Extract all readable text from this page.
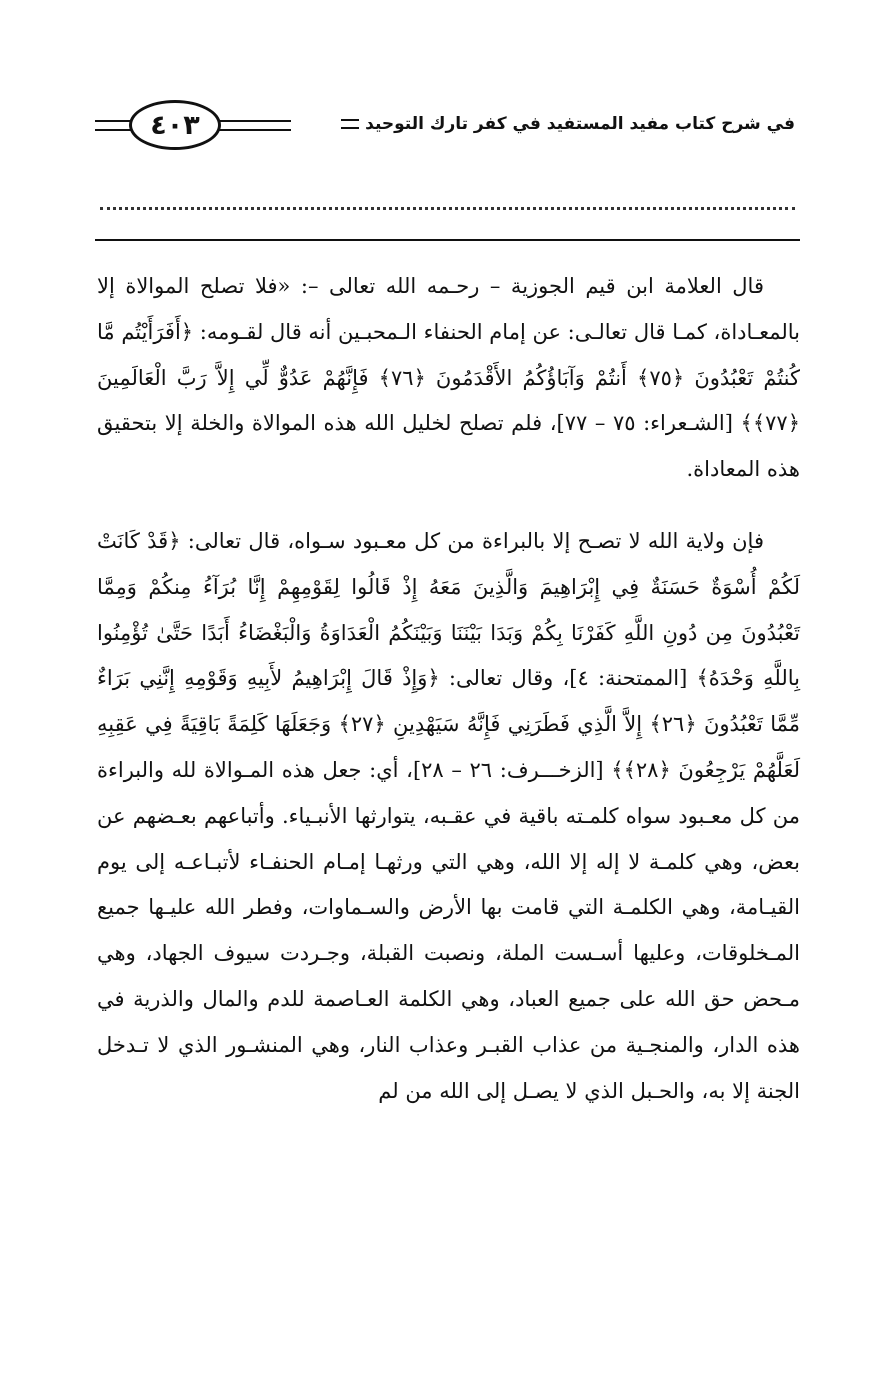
في شرح كتاب مفيد المستفيد في كفر تارك التوحيد
٤٠٣

قال العلامة ابن قيم الجوزية – رحـمه الله تعالى –: «فلا تصلح الموالاة إلا بالمعـاداة، كمـا قال تعالـى: عن إمام الحنفاء الـمحبـين أنه قال لقـومه: ﴿أَفَرَأَيْتُم مَّا كُنتُمْ تَعْبُدُونَ ﴿٧٥﴾ أَنتُمْ وَآبَاؤُكُمُ الأَقْدَمُونَ ﴿٧٦﴾ فَإِنَّهُمْ عَدُوٌّ لِّي إِلاَّ رَبَّ الْعَالَمِينَ ﴿٧٧﴾﴾ [الشـعراء: ٧٥ – ٧٧]، فلم تصلح لخليل الله هذه الموالاة والخلة إلا بتحقيق هذه المعاداة.

فإن ولاية الله لا تصـح إلا بالبراءة من كل معـبود سـواه، قال تعالى: ﴿قَدْ كَانَتْ لَكُمْ أُسْوَةٌ حَسَنَةٌ فِي إِبْرَاهِيمَ وَالَّذِينَ مَعَهُ إِذْ قَالُوا لِقَوْمِهِمْ إِنَّا بُرَآءُ مِنكُمْ وَمِمَّا تَعْبُدُونَ مِن دُونِ اللَّهِ كَفَرْنَا بِكُمْ وَبَدَا بَيْنَنَا وَبَيْنَكُمُ الْعَدَاوَةُ وَالْبَغْضَاءُ أَبَدًا حَتَّىٰ تُؤْمِنُوا بِاللَّهِ وَحْدَهُ﴾ [الممتحنة: ٤]، وقال تعالى: ﴿وَإِذْ قَالَ إِبْرَاهِيمُ لأَبِيهِ وَقَوْمِهِ إِنَّنِي بَرَاءٌ مِّمَّا تَعْبُدُونَ ﴿٢٦﴾ إِلاَّ الَّذِي فَطَرَنِي فَإِنَّهُ سَيَهْدِينِ ﴿٢٧﴾ وَجَعَلَهَا كَلِمَةً بَاقِيَةً فِي عَقِبِهِ لَعَلَّهُمْ يَرْجِعُونَ ﴿٢٨﴾﴾ [الزخـــرف: ٢٦ – ٢٨]، أي: جعل هذه المـوالاة لله والبراءة من كل معـبود سواه كلمـته باقية في عقـبه، يتوارثها الأنبـياء. وأتباعهم بعـضهم عن بعض، وهي كلمـة لا إله إلا الله، وهي التي ورثهـا إمـام الحنفـاء لأتبـاعـه إلى يوم القيـامة، وهي الكلمـة التي قامت بها الأرض والسـماوات، وفطر الله عليـها جميع المـخلوقات، وعليها أسـست الملة، ونصبت القبلة، وجـردت سيوف الجهاد، وهي مـحض حق الله على جميع العباد، وهي الكلمة العـاصمة للدم والمال والذرية في هذه الدار، والمنجـية من عذاب القبـر وعذاب النار، وهي المنشـور الذي لا تـدخل الجنة إلا به، والحـبل الذي لا يصـل إلى الله من لم
